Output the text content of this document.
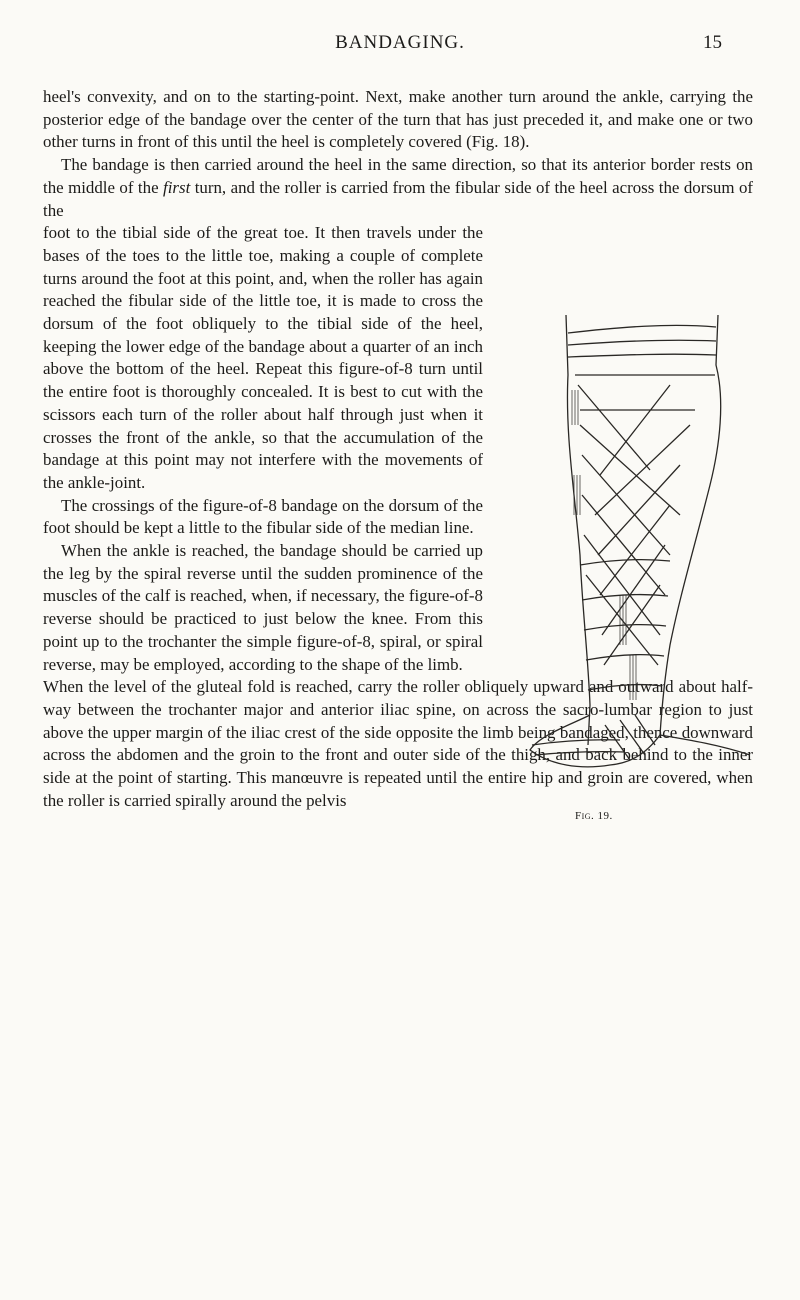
BANDAGING.	15

heel's convexity, and on to the starting-point. Next, make another turn around the ankle, carrying the posterior edge of the bandage over the center of the turn that has just preceded it, and make one or two other turns in front of this until the heel is completely covered (Fig. 18).

The bandage is then carried around the heel in the same direction, so that its anterior border rests on the middle of the first turn, and the roller is carried from the fibular side of the heel across the dorsum of the

foot to the tibial side of the great toe. It then travels under the bases of the toes to the little toe, making a couple of complete turns around the foot at this point, and, when the roller has again reached the fibular side of the little toe, it is made to cross the dorsum of the foot obliquely to the tibial side of the heel, keeping the lower edge of the bandage about a quarter of an inch above the bottom of the heel. Repeat this figure-of-8 turn until the entire foot is thoroughly concealed. It is best to cut with the scissors each turn of the roller about half through just when it crosses the front of the ankle, so that the accumulation of the bandage at this point may not interfere with the movements of the ankle-joint.

The crossings of the figure-of-8 bandage on the dorsum of the foot should be kept a little to the fibular side of the median line.

When the ankle is reached, the bandage should be carried up the leg by the spiral reverse until the sudden prominence of the muscles of the calf is reached, when, if necessary, the figure-of-8 reverse should be practiced to just below the knee. From this point up to the trochanter the simple figure-of-8, spiral, or spiral reverse, may be employed, according to the shape of the limb.

When the level of the gluteal fold is reached, carry the roller obliquely upward and outward about half-way between the trochanter major and anterior iliac spine, on across the sacro-lumbar region to just above the upper margin of the iliac crest of the side opposite the limb being bandaged, thence downward across the abdomen and the groin to the front and outer side of the thigh, and back behind to the inner side at the point of starting. This manœuvre is repeated until the entire hip and groin are covered, when the roller is carried spirally around the pelvis

Fig. 19.
